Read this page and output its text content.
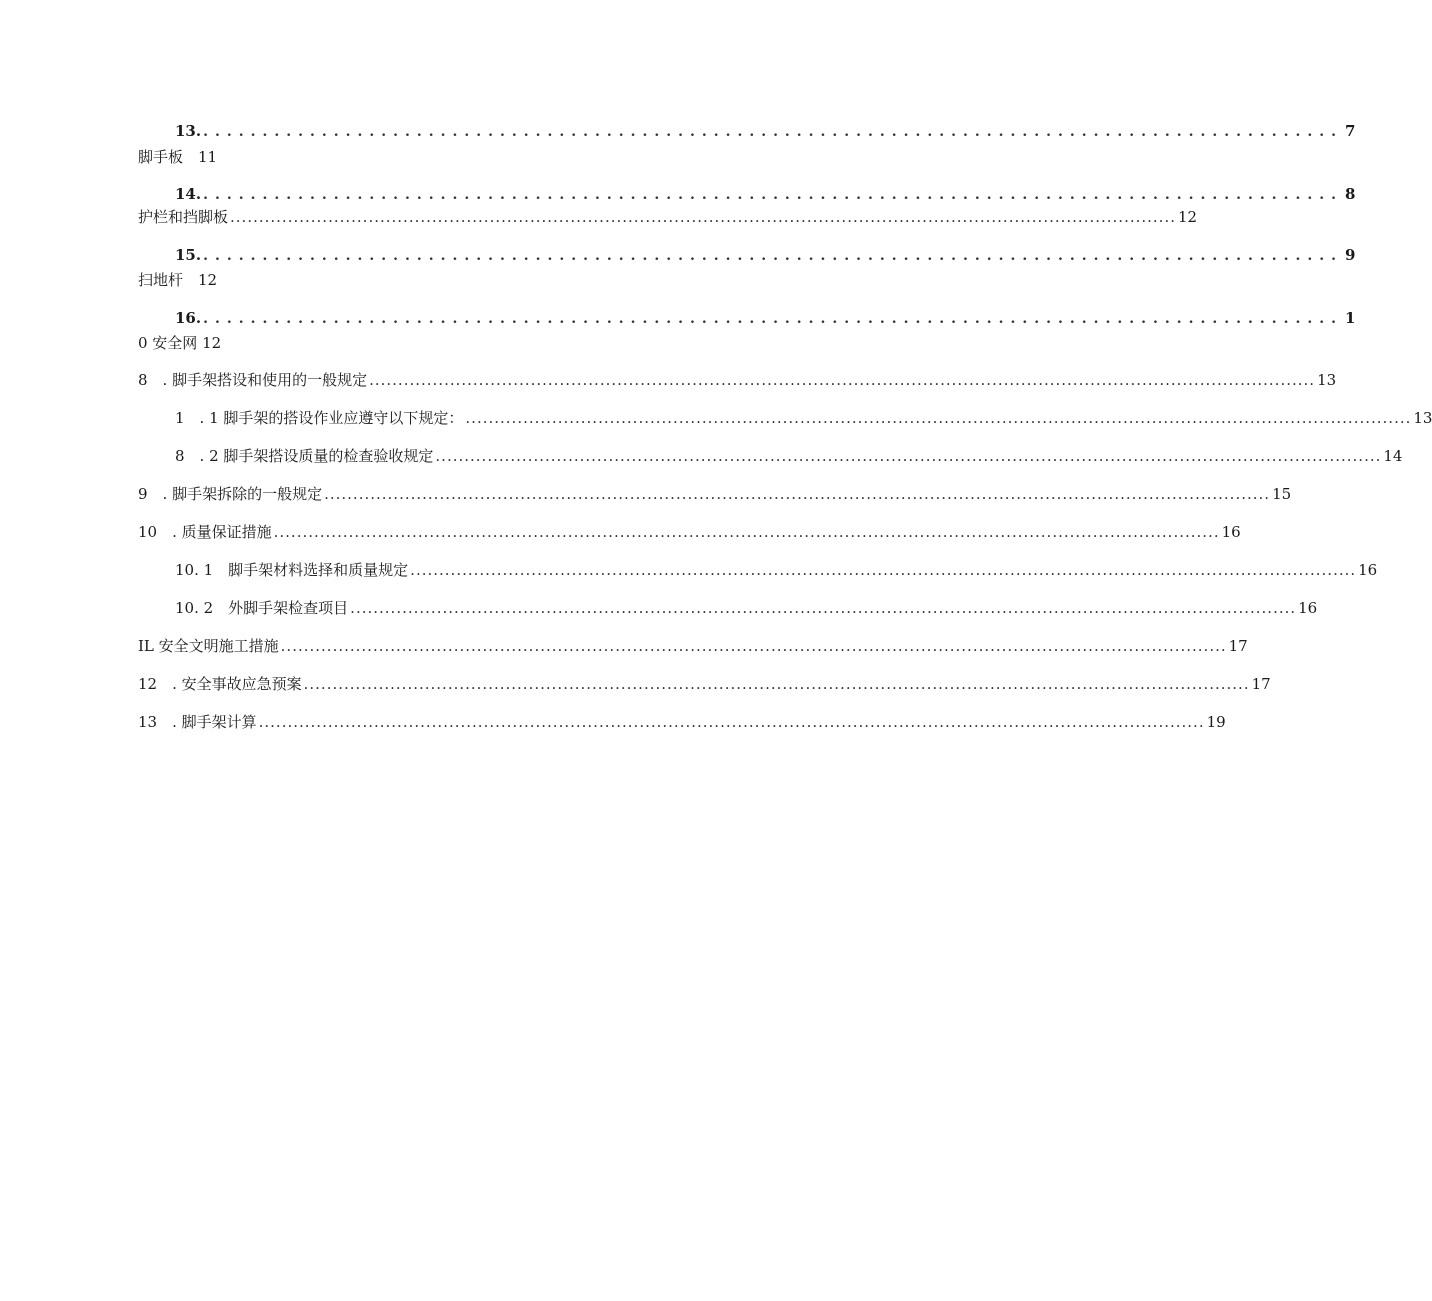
13. ................................................................................................ 7
脚手板　11
14. ................................................................................................ 8
护栏和挡脚板 .................................................................................................................................................................... 12
15. ................................................................................................ 9
扫地杆　12
16. ................................................................................................ 1
0 安全网 12
8　. 脚手架搭设和使用的一般规定 .................................................................................................................................................................... 13
1　. 1 脚手架的搭设作业应遵守以下规定： .................................................................................................................................................................... 13
8　. 2 脚手架搭设质量的检查验收规定 .................................................................................................................................................................... 14
9　. 脚手架拆除的一般规定 .................................................................................................................................................................... 15
10　. 质量保证措施 .................................................................................................................................................................... 16
10. 1　脚手架材料选择和质量规定 .................................................................................................................................................................... 16
10. 2　外脚手架检查项目 .................................................................................................................................................................... 16
IL 安全文明施工措施 .................................................................................................................................................................... 17
12　. 安全事故应急预案 .................................................................................................................................................................... 17
13　. 脚手架计算 .................................................................................................................................................................... 19
